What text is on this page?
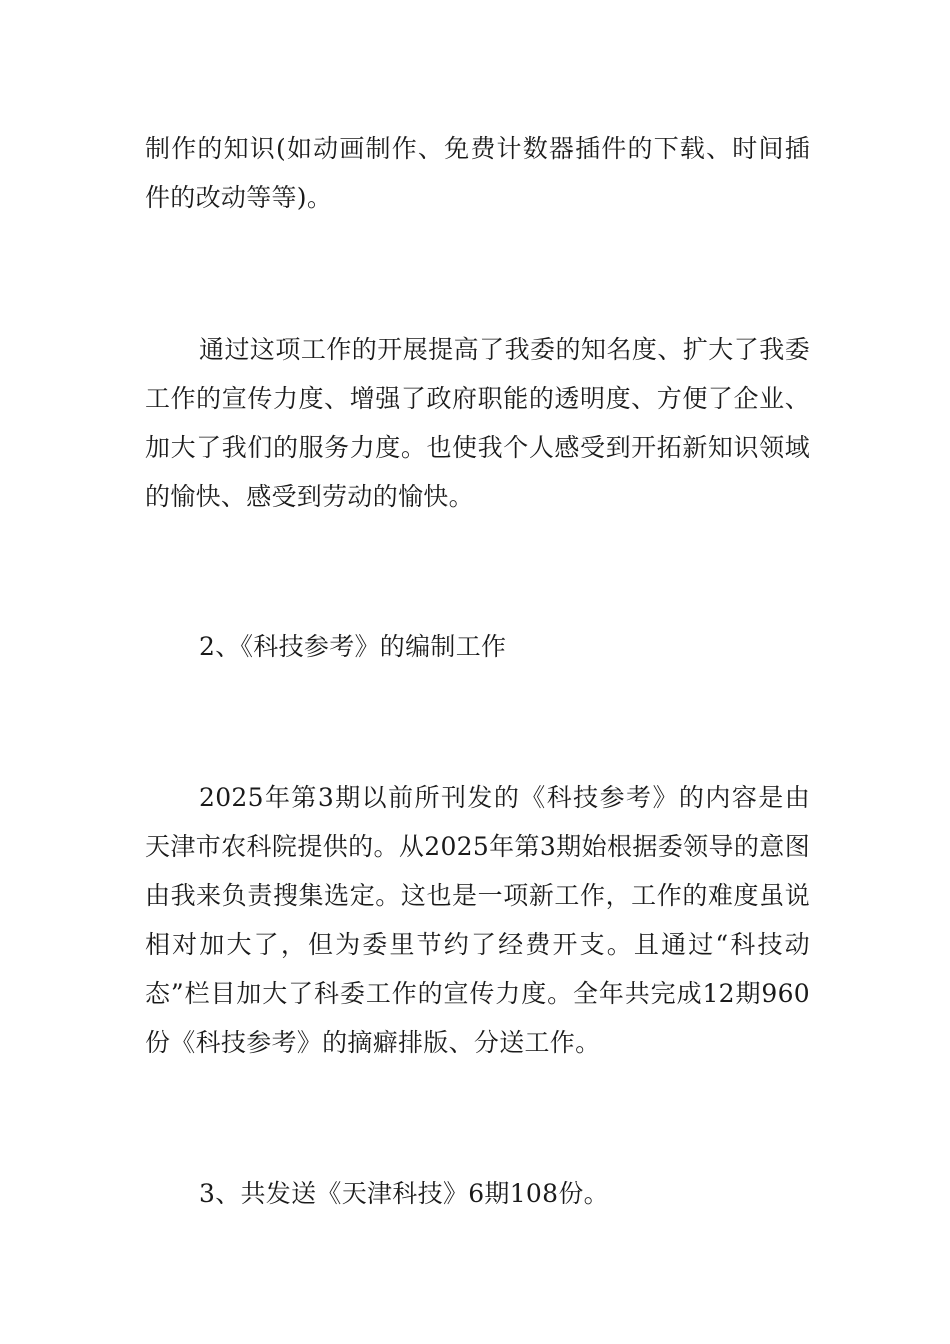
制作的知识(如动画制作、免费计数器插件的下载、时间插件的改动等等)。

通过这项工作的开展提高了我委的知名度、扩大了我委工作的宣传力度、增强了政府职能的透明度、方便了企业、加大了我们的服务力度。也使我个人感受到开拓新知识领域的愉快、感受到劳动的愉快。

2、《科技参考》的编制工作

2025年第3期以前所刊发的《科技参考》的内容是由天津市农科院提供的。从2025年第3期始根据委领导的意图由我来负责搜集选定。这也是一项新工作，工作的难度虽说相对加大了，但为委里节约了经费开支。且通过“科技动态”栏目加大了科委工作的宣传力度。全年共完成12期960份《科技参考》的摘癖排版、分送工作。

3、共发送《天津科技》6期108份。
